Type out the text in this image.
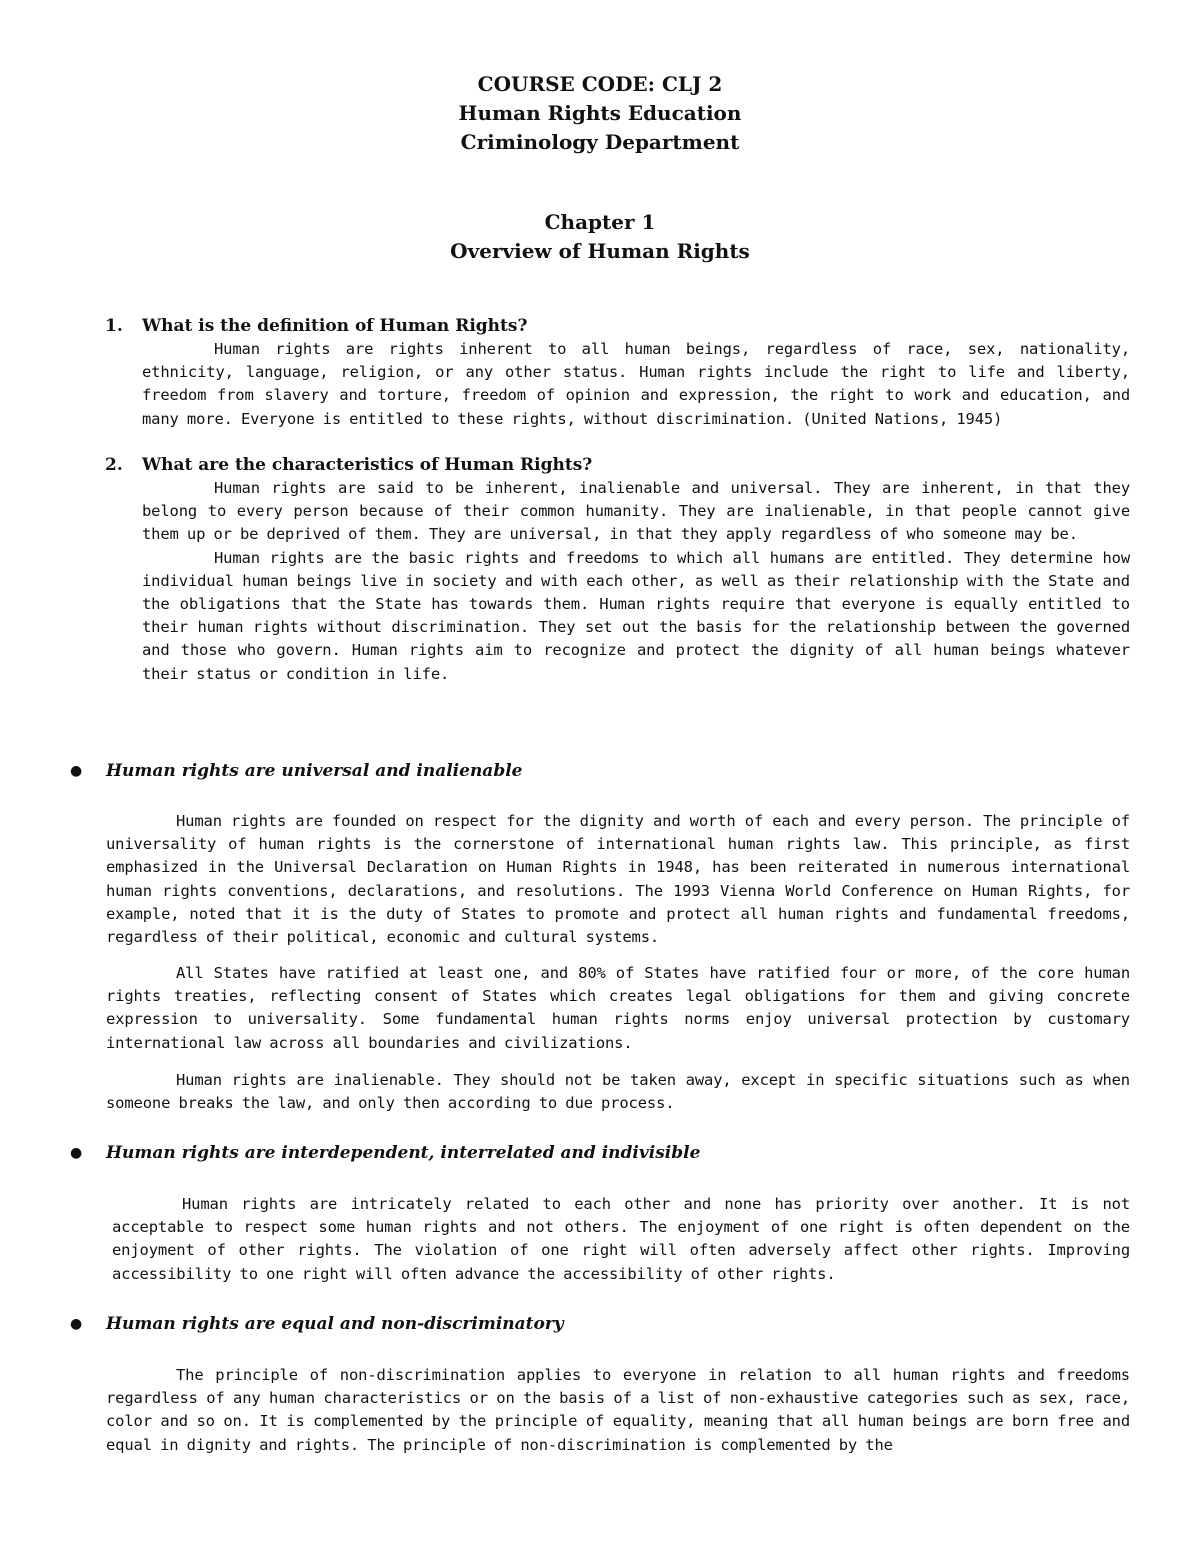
COURSE CODE: CLJ 2
Human Rights Education
Criminology Department
Chapter 1
Overview of Human Rights
1. What is the definition of Human Rights?

Human rights are rights inherent to all human beings, regardless of race, sex, nationality, ethnicity, language, religion, or any other status. Human rights include the right to life and liberty, freedom from slavery and torture, freedom of opinion and expression, the right to work and education, and many more. Everyone is entitled to these rights, without discrimination. (United Nations, 1945)

2. What are the characteristics of Human Rights?

Human rights are said to be inherent, inalienable and universal. They are inherent, in that they belong to every person because of their common humanity. They are inalienable, in that people cannot give them up or be deprived of them. They are universal, in that they apply regardless of who someone may be.

Human rights are the basic rights and freedoms to which all humans are entitled. They determine how individual human beings live in society and with each other, as well as their relationship with the State and the obligations that the State has towards them. Human rights require that everyone is equally entitled to their human rights without discrimination. They set out the basis for the relationship between the governed and those who govern. Human rights aim to recognize and protect the dignity of all human beings whatever their status or condition in life.

● Human rights are universal and inalienable

Human rights are founded on respect for the dignity and worth of each and every person. The principle of universality of human rights is the cornerstone of international human rights law. This principle, as first emphasized in the Universal Declaration on Human Rights in 1948, has been reiterated in numerous international human rights conventions, declarations, and resolutions. The 1993 Vienna World Conference on Human Rights, for example, noted that it is the duty of States to promote and protect all human rights and fundamental freedoms, regardless of their political, economic and cultural systems.

All States have ratified at least one, and 80% of States have ratified four or more, of the core human rights treaties, reflecting consent of States which creates legal obligations for them and giving concrete expression to universality. Some fundamental human rights norms enjoy universal protection by customary international law across all boundaries and civilizations.

Human rights are inalienable. They should not be taken away, except in specific situations such as when someone breaks the law, and only then according to due process.

● Human rights are interdependent, interrelated and indivisible

Human rights are intricately related to each other and none has priority over another. It is not acceptable to respect some human rights and not others. The enjoyment of one right is often dependent on the enjoyment of other rights. The violation of one right will often adversely affect other rights. Improving accessibility to one right will often advance the accessibility of other rights.

● Human rights are equal and non-discriminatory

The principle of non-discrimination applies to everyone in relation to all human rights and freedoms regardless of any human characteristics or on the basis of a list of non-exhaustive categories such as sex, race, color and so on. It is complemented by the principle of equality, meaning that all human beings are born free and equal in dignity and rights. The principle of non-discrimination is complemented by the
